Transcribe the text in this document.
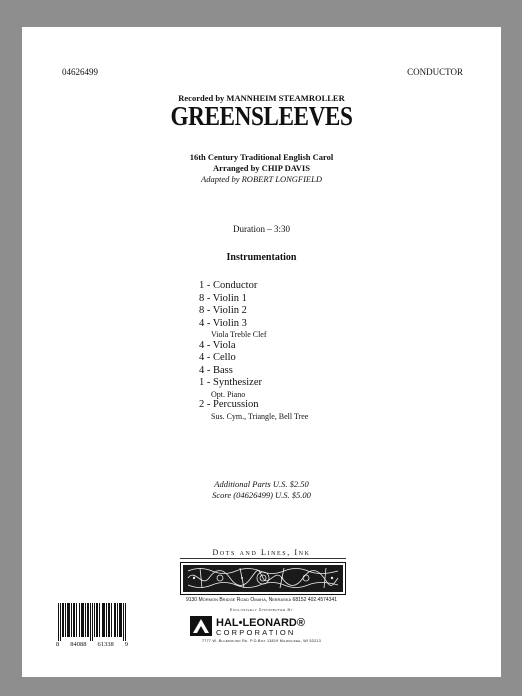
04626499	CONDUCTOR
Recorded by MANNHEIM STEAMROLLER
GREENSLEEVES
16th Century Traditional English Carol
Arranged by CHIP DAVIS
Adapted by ROBERT LONGFIELD
Duration – 3:30
Instrumentation
1 - Conductor
8 - Violin 1
8 - Violin 2
4 - Violin 3
Viola Treble Clef
4 - Viola
4 - Cello
4 - Bass
1 - Synthesizer
Opt. Piano
2 - Percussion
Sus. Cym., Triangle, Bell Tree
Additional Parts U.S. $2.50
Score (04626499) U.S. $5.00
Dots and Lines, Ink
9130 Mormon Bridge Road Omaha, Nebraska 68152 402.4574341
Exclusively Distributed By
HAL•LEONARD®
CORPORATION
7777 W. Bluemound Rd. P.O.Box 13819 Milwaukee, WI 53213
8 84088 61338 9
